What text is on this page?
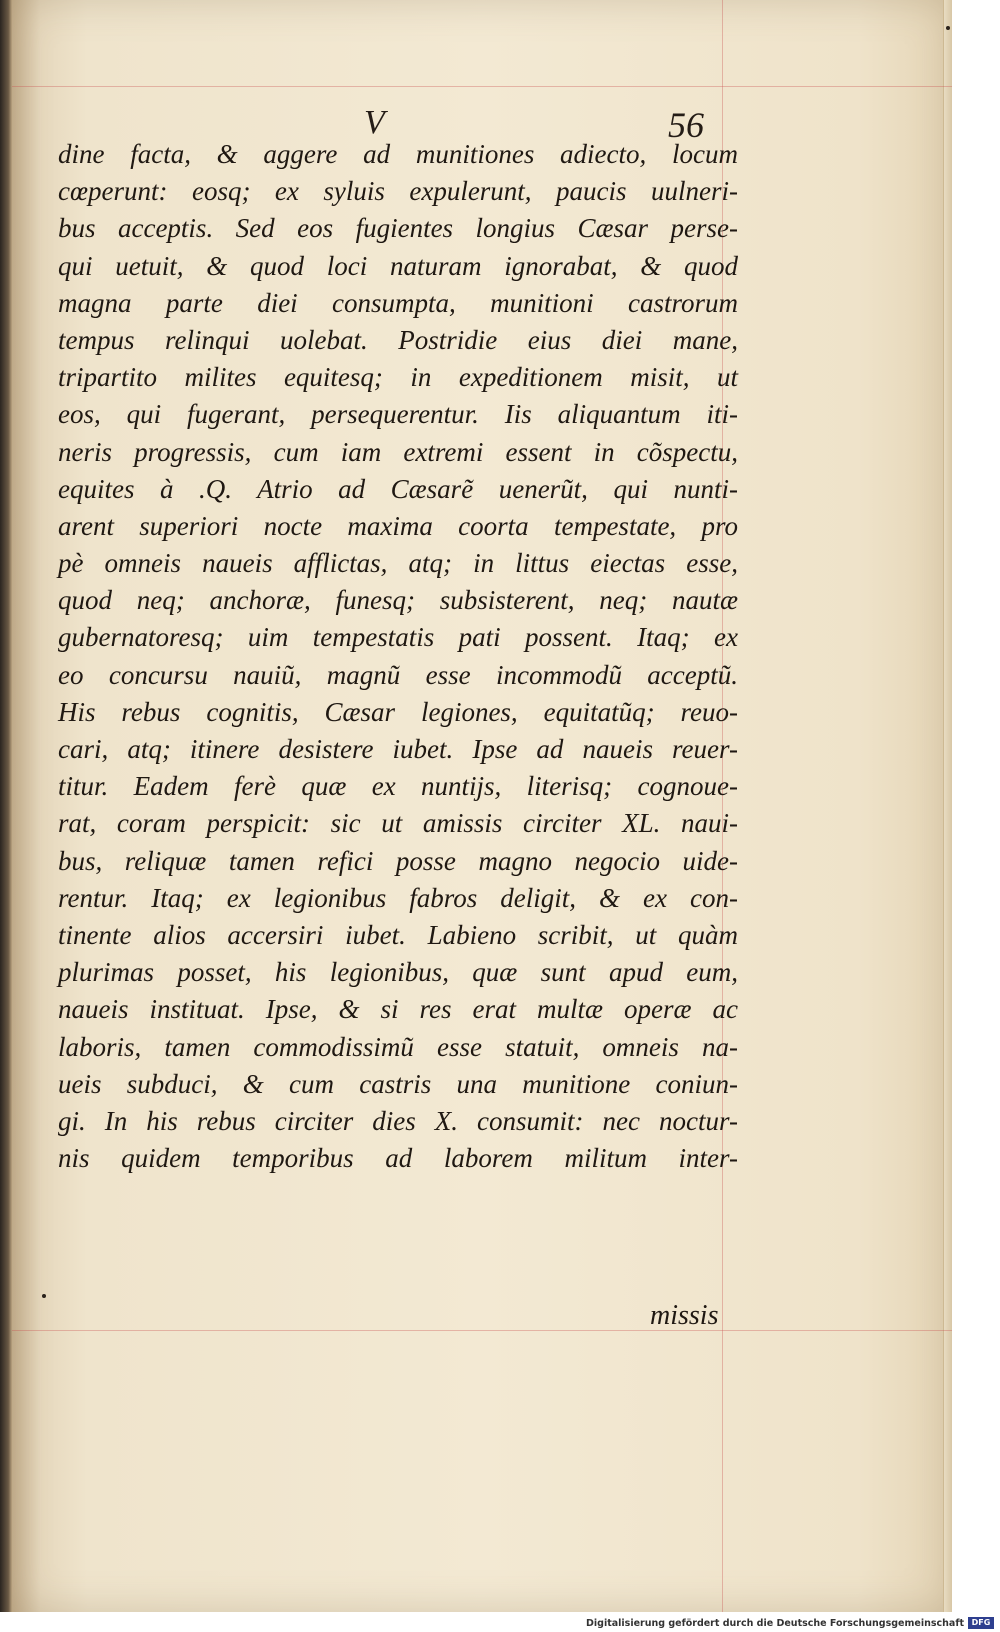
V	56
dine facta, & aggere ad munitiones adiecto, locum
cœperunt: eosq; ex syluis expulerunt, paucis uulneri-
bus acceptis. Sed eos fugientes longius Cæsar perse-
qui uetuit, & quod loci naturam ignorabat, & quod
magna parte diei consumpta, munitioni castrorum
tempus relinqui uolebat. Postridie eius diei mane,
tripartito milites equitesq; in expeditionem misit, ut
eos, qui fugerant, persequerentur. Iis aliquantum iti-
neris progressis, cum iam extremi essent in cõspectu,
equites à .Q. Atrio ad Cæsarẽ uenerũt, qui nunti-
arent superiori nocte maxima coorta tempestate, pro
pè omneis naueis afflictas, atq; in littus eiectas esse,
quod neq; anchoræ, funesq; subsisterent, neq; nautæ
gubernatoresq; uim tempestatis pati possent. Itaq; ex
eo concursu nauiũ, magnũ esse incommodũ acceptũ.
His rebus cognitis, Cæsar legiones, equitatũq; reuo-
cari, atq; itinere desistere iubet. Ipse ad naueis reuer-
titur. Eadem ferè quæ ex nuntijs, literisq; cognoue-
rat, coram perspicit: sic ut amissis circiter XL. naui-
bus, reliquæ tamen refici posse magno negocio uide-
rentur. Itaq; ex legionibus fabros deligit, & ex con-
tinente alios accersiri iubet. Labieno scribit, ut quàm
plurimas posset, his legionibus, quæ sunt apud eum,
naueis instituat. Ipse, & si res erat multæ operæ ac
laboris, tamen commodissimũ esse statuit, omneis na-
ueis subduci, & cum castris una munitione coniun-
gi. In his rebus circiter dies X. consumit: nec noctur-
nis quidem temporibus ad laborem militum inter-
missis
Digitalisierung gefördert durch die Deutsche Forschungsgemeinschaft DFG
